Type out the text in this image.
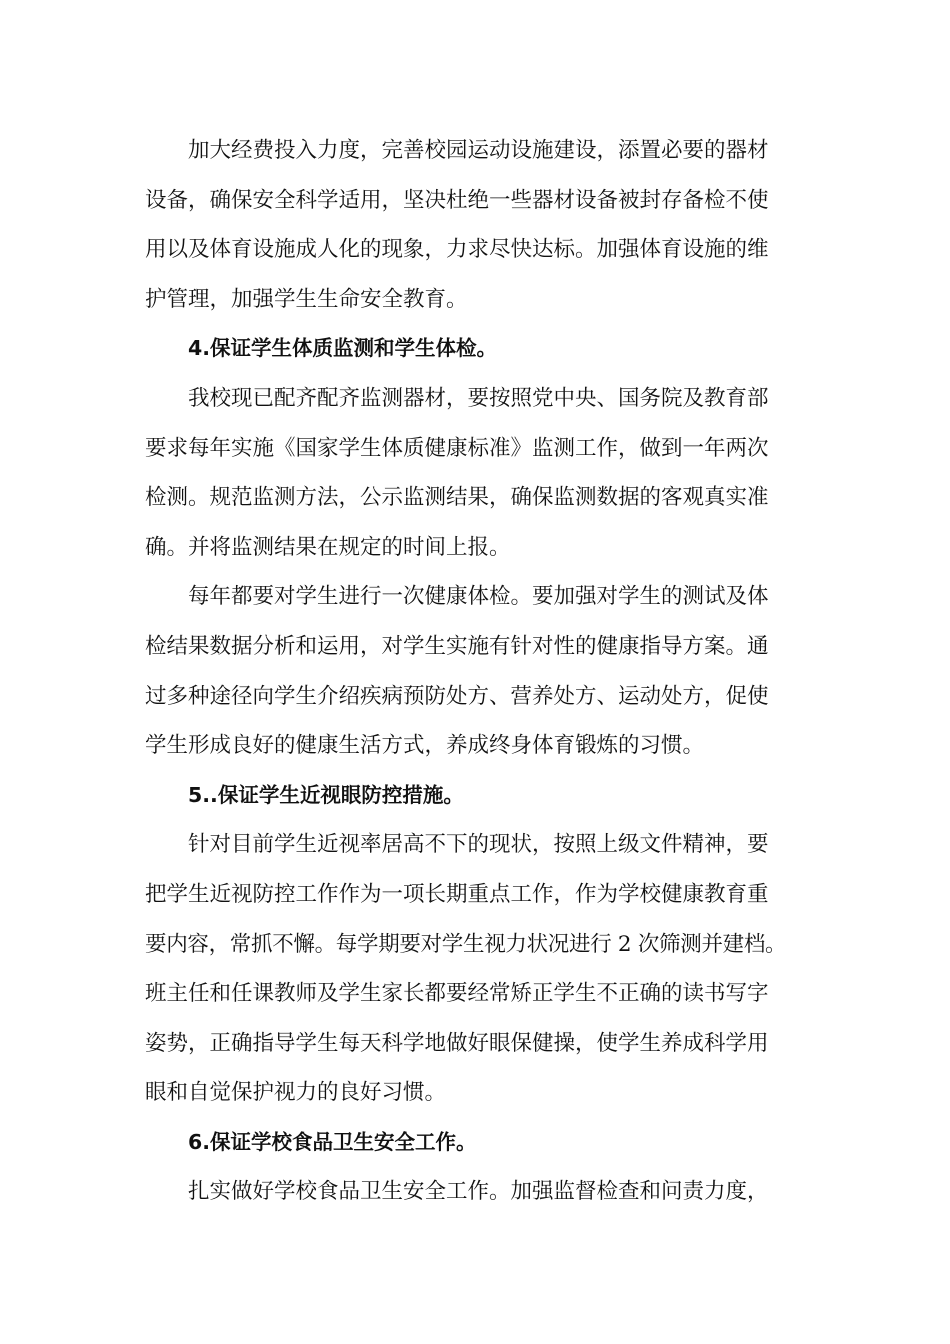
加大经费投入力度，完善校园运动设施建设，添置必要的器材
设备，确保安全科学适用，坚决杜绝一些器材设备被封存备检不使
用以及体育设施成人化的现象，力求尽快达标。加强体育设施的维
护管理，加强学生生命安全教育。
4.保证学生体质监测和学生体检。
我校现已配齐配齐监测器材，要按照党中央、国务院及教育部
要求每年实施《国家学生体质健康标准》监测工作，做到一年两次
检测。规范监测方法，公示监测结果，确保监测数据的客观真实准
确。并将监测结果在规定的时间上报。
每年都要对学生进行一次健康体检。要加强对学生的测试及体
检结果数据分析和运用，对学生实施有针对性的健康指导方案。通
过多种途径向学生介绍疾病预防处方、营养处方、运动处方，促使
学生形成良好的健康生活方式，养成终身体育锻炼的习惯。
5..保证学生近视眼防控措施。
针对目前学生近视率居高不下的现状，按照上级文件精神，要
把学生近视防控工作作为一项长期重点工作，作为学校健康教育重
要内容，常抓不懈。每学期要对学生视力状况进行 2 次筛测并建档。
班主任和任课教师及学生家长都要经常矫正学生不正确的读书写字
姿势，正确指导学生每天科学地做好眼保健操，使学生养成科学用
眼和自觉保护视力的良好习惯。
6.保证学校食品卫生安全工作。
扎实做好学校食品卫生安全工作。加强监督检查和问责力度，
